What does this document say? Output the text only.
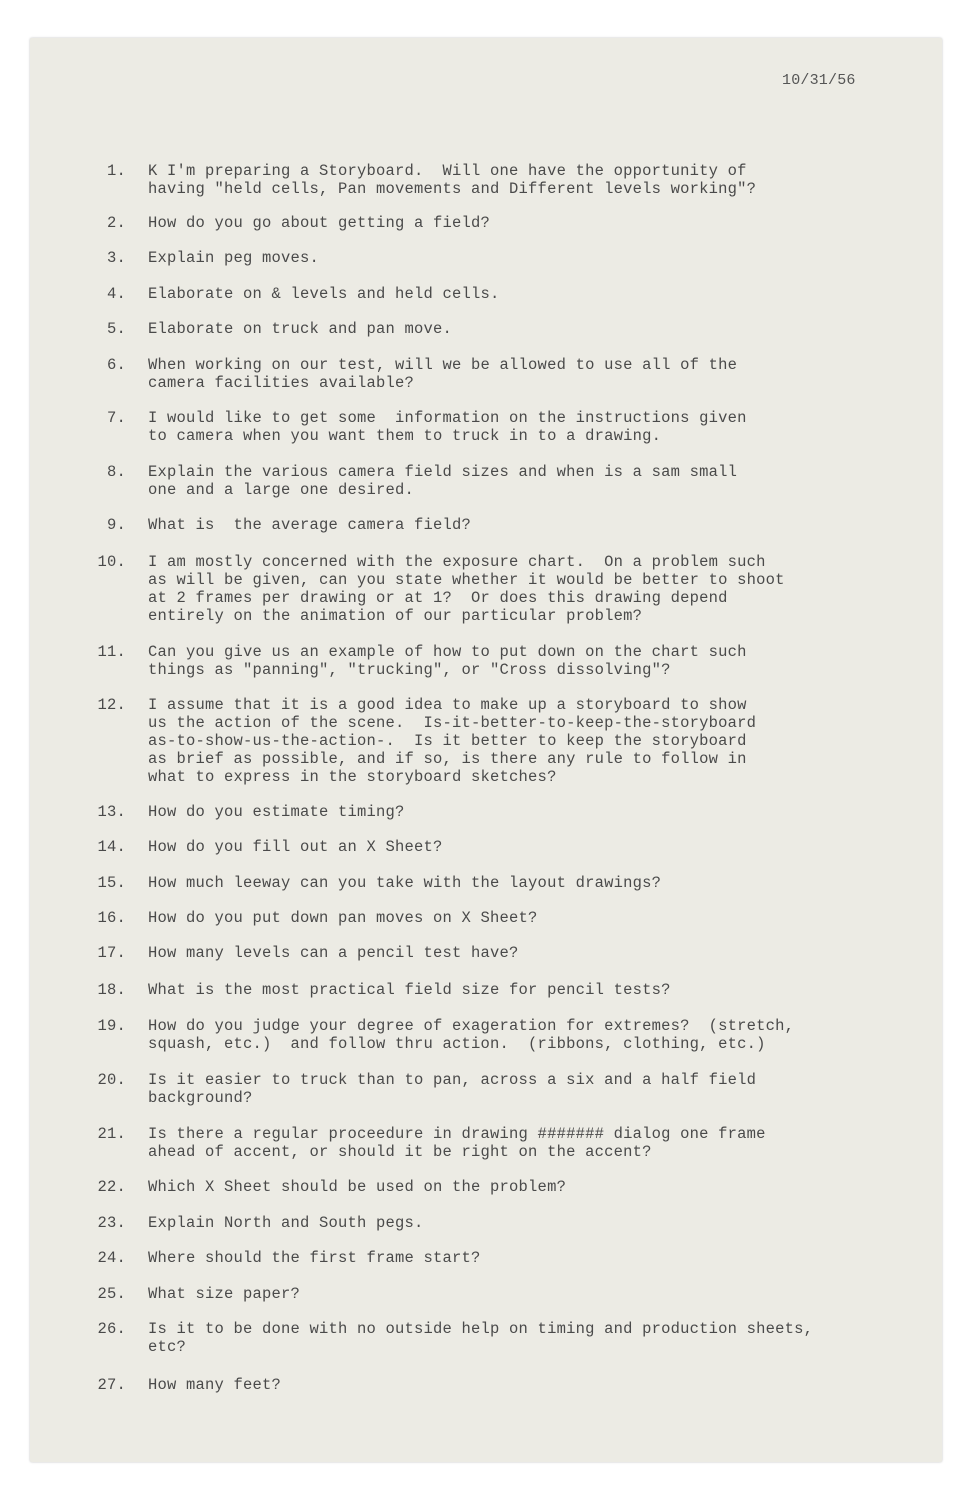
10/31/56
1. K I'm preparing a Storyboard.  Will one have the opportunity of
having "held cells, Pan movements and Different levels working"?
2. How do you go about getting a field?
3. Explain peg moves.
4. Elaborate on & levels and held cells.
5. Elaborate on truck and pan move.
6. When working on our test, will we be allowed to use all of the
camera facilities available?
7. I would like to get some  information on the instructions given
to camera when you want them to truck in to a drawing.
8. Explain the various camera field sizes and when is a sam small
one and a large one desired.
9. What is  the average camera field?
10. I am mostly concerned with the exposure chart.  On a problem such
as will be given, can you state whether it would be better to shoot
at 2 frames per drawing or at 1?  Or does this drawing depend
entirely on the animation of our particular problem?
11. Can you give us an example of how to put down on the chart such
things as "panning", "trucking", or "Cross dissolving"?
12. I assume that it is a good idea to make up a storyboard to show
us the action of the scene.  Is-it-better-to-keep-the-storyboard
as-to-show-us-the-action-.  Is it better to keep the storyboard
as brief as possible, and if so, is there any rule to follow in
what to express in the storyboard sketches?
13. How do you estimate timing?
14. How do you fill out an X Sheet?
15. How much leeway can you take with the layout drawings?
16. How do you put down pan moves on X Sheet?
17. How many levels can a pencil test have?
18. What is the most practical field size for pencil tests?
19. How do you judge your degree of exageration for extremes?  (stretch,
squash, etc.)  and follow thru action.  (ribbons, clothing, etc.)
20. Is it easier to truck than to pan, across a six and a half field
background?
21. Is there a regular proceedure in drawing ####### dialog one frame
ahead of accent, or should it be right on the accent?
22. Which X Sheet should be used on the problem?
23. Explain North and South pegs.
24. Where should the first frame start?
25. What size paper?
26. Is it to be done with no outside help on timing and production sheets,
etc?
27. How many feet?
